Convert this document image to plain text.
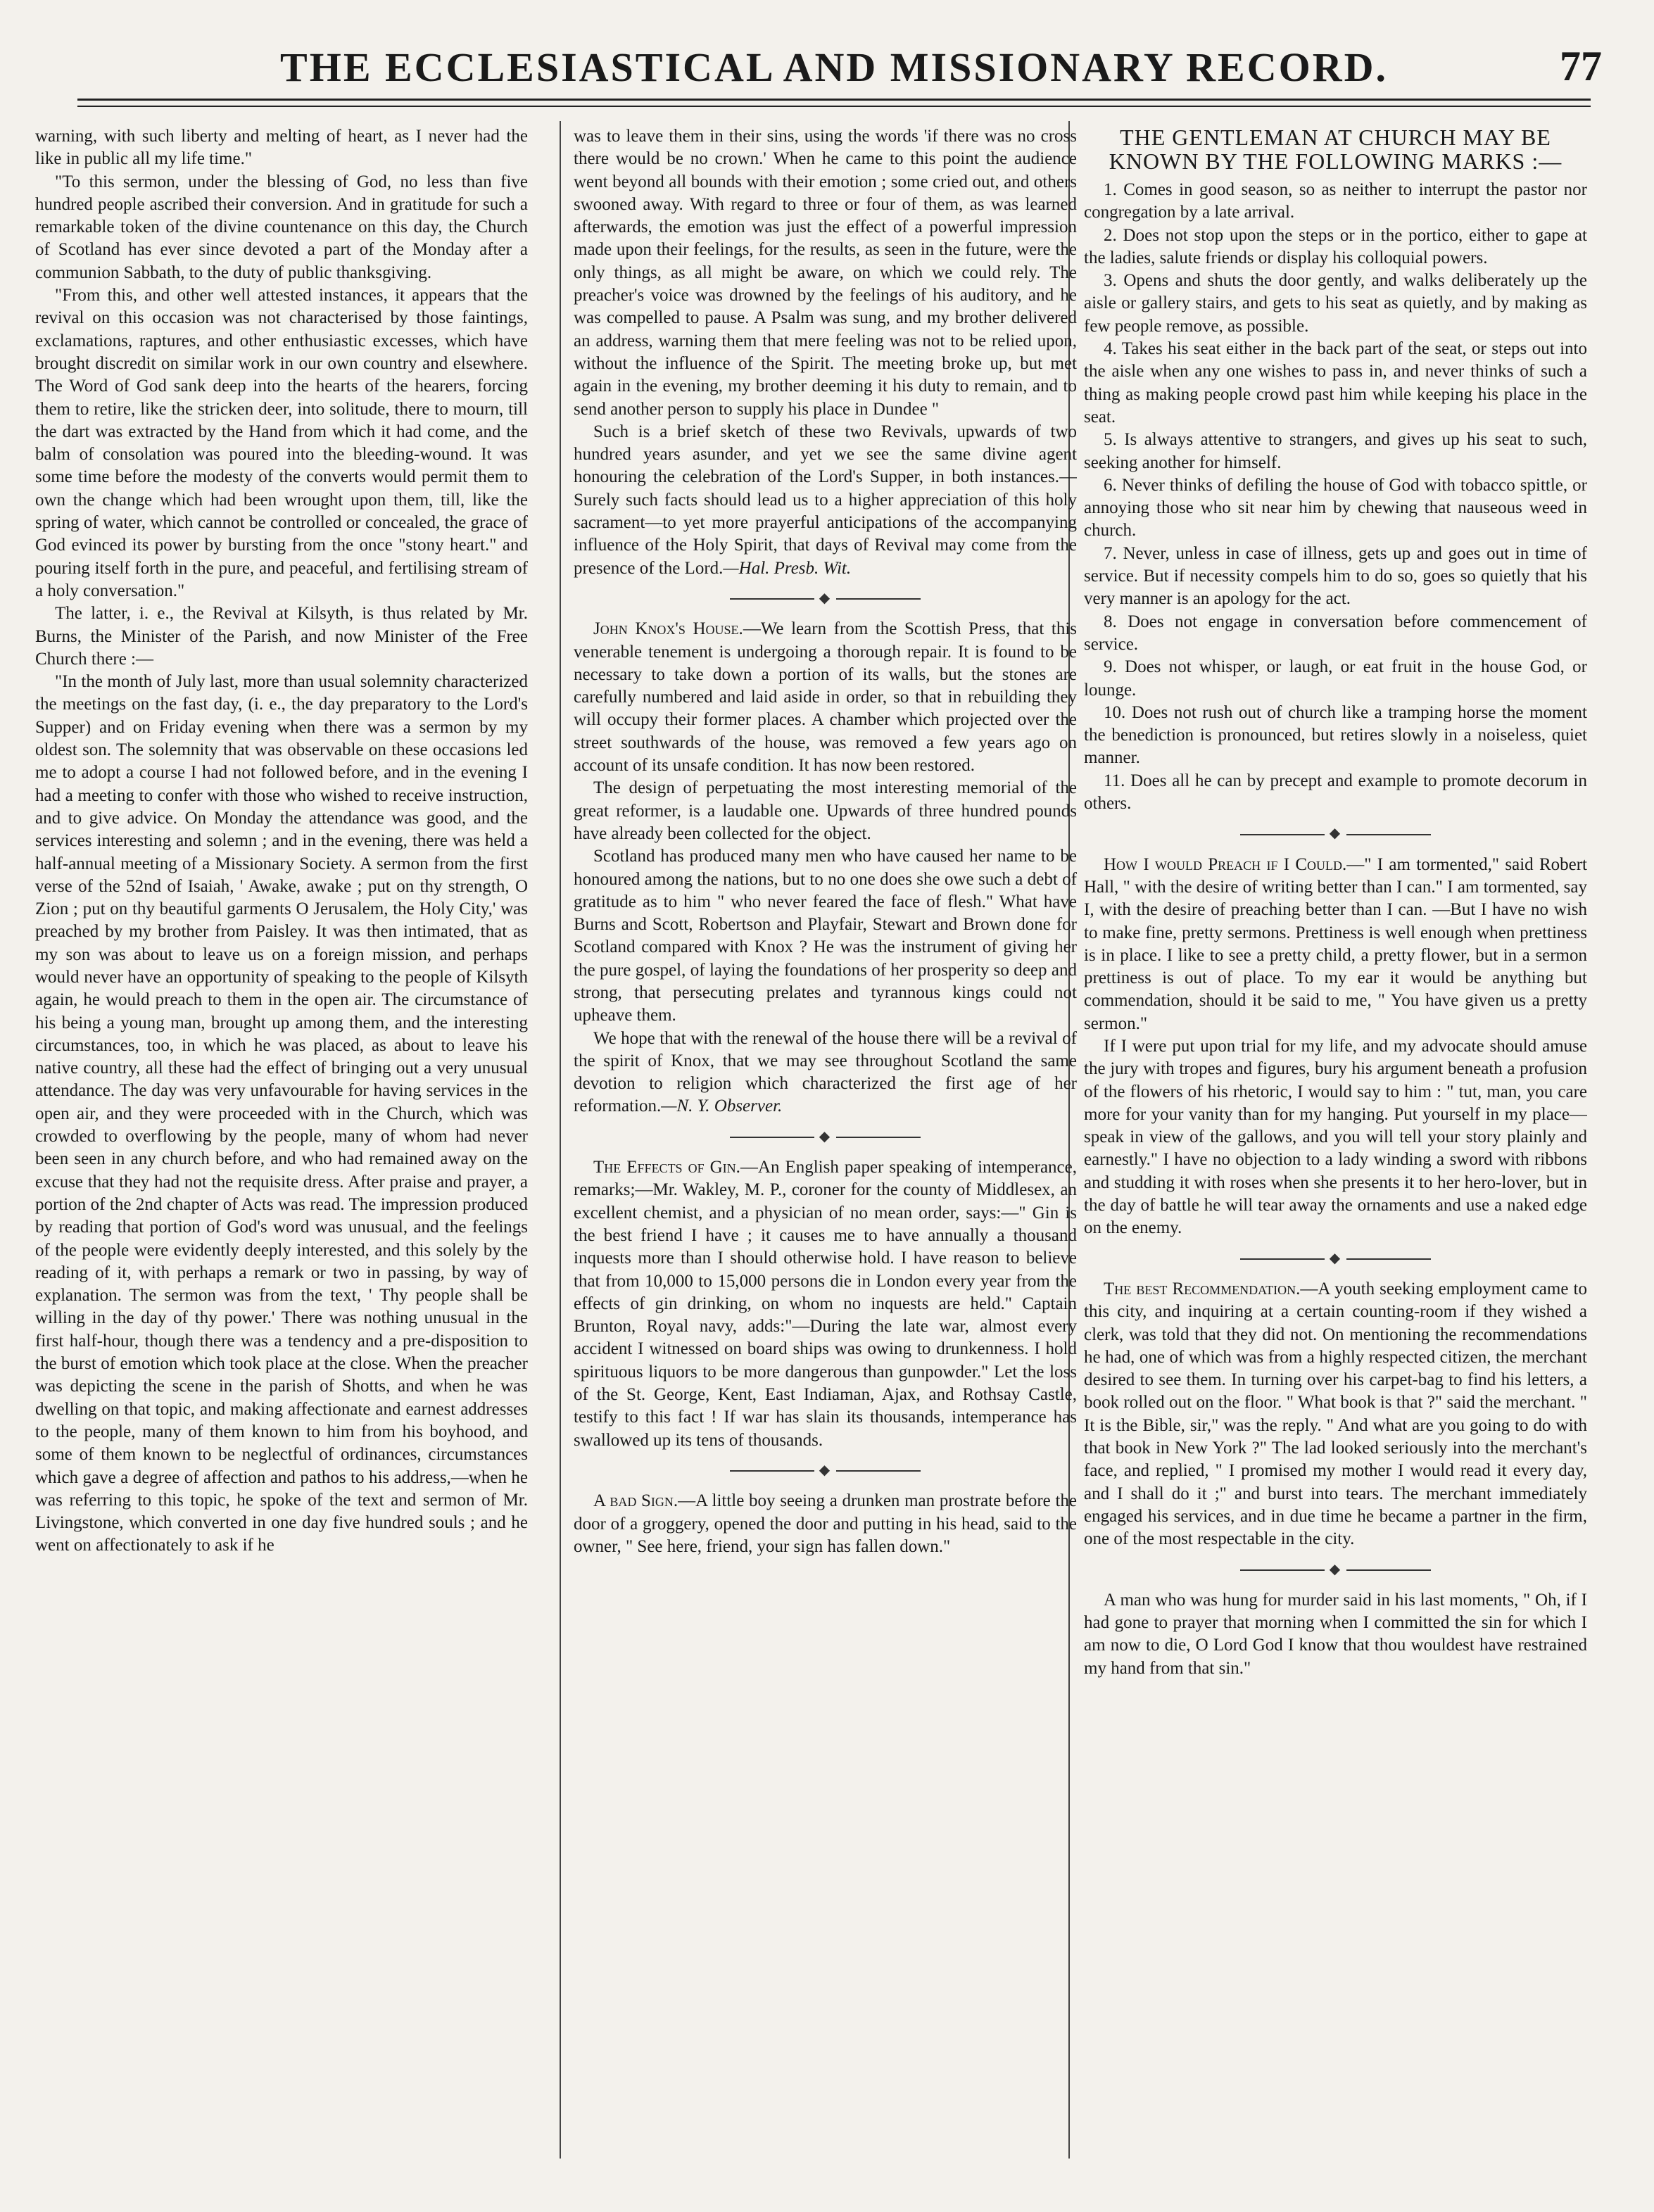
THE ECCLESIASTICAL AND MISSIONARY RECORD.	77

warning, with such liberty and melting of heart, as I never had the like in public all my life time."

"To this sermon, under the blessing of God, no less than five hundred people ascribed their conversion. And in gratitude for such a remarkable token of the divine countenance on this day, the Church of Scotland has ever since devoted a part of the Monday after a communion Sabbath, to the duty of public thanksgiving.

"From this, and other well attested instances, it appears that the revival on this occasion was not characterised by those faintings, exclamations, raptures, and other enthusiastic excesses, which have brought discredit on similar work in our own country and elsewhere. The Word of God sank deep into the hearts of the hearers, forcing them to retire, like the stricken deer, into solitude, there to mourn, till the dart was extracted by the Hand from which it had come, and the balm of consolation was poured into the bleeding-wound. It was some time before the modesty of the converts would permit them to own the change which had been wrought upon them, till, like the spring of water, which cannot be controlled or concealed, the grace of God evinced its power by bursting from the once "stony heart." and pouring itself forth in the pure, and peaceful, and fertilising stream of a holy conversation."

The latter, i. e., the Revival at Kilsyth, is thus related by Mr. Burns, the Minister of the Parish, and now Minister of the Free Church there :—

"In the month of July last, more than usual solemnity characterized the meetings on the fast day, (i. e., the day preparatory to the Lord's Supper) and on Friday evening when there was a sermon by my oldest son. The solemnity that was observable on these occasions led me to adopt a course I had not followed before, and in the evening I had a meeting to confer with those who wished to receive instruction, and to give advice. On Monday the attendance was good, and the services interesting and solemn ; and in the evening, there was held a half-annual meeting of a Missionary Society. A sermon from the first verse of the 52nd of Isaiah, ' Awake, awake ; put on thy strength, O Zion ; put on thy beautiful garments O Jerusalem, the Holy City,' was preached by my brother from Paisley. It was then intimated, that as my son was about to leave us on a foreign mission, and perhaps would never have an opportunity of speaking to the people of Kilsyth again, he would preach to them in the open air. The circumstance of his being a young man, brought up among them, and the interesting circumstances, too, in which he was placed, as about to leave his native country, all these had the effect of bringing out a very unusual attendance. The day was very unfavourable for having services in the open air, and they were proceeded with in the Church, which was crowded to overflowing by the people, many of whom had never been seen in any church before, and who had remained away on the excuse that they had not the requisite dress. After praise and prayer, a portion of the 2nd chapter of Acts was read. The impression produced by reading that portion of God's word was unusual, and the feelings of the people were evidently deeply interested, and this solely by the reading of it, with perhaps a remark or two in passing, by way of explanation. The sermon was from the text, ' Thy people shall be willing in the day of thy power.' There was nothing unusual in the first half-hour, though there was a tendency and a pre-disposition to the burst of emotion which took place at the close. When the preacher was depicting the scene in the parish of Shotts, and when he was dwelling on that topic, and making affectionate and earnest addresses to the people, many of them known to him from his boyhood, and some of them known to be neglectful of ordinances, circumstances which gave a degree of affection and pathos to his address,—when he was referring to this topic, he spoke of the text and sermon of Mr. Livingstone, which converted in one day five hundred souls ; and he went on affectionately to ask if he

was to leave them in their sins, using the words 'if there was no cross there would be no crown.' When he came to this point the audience went beyond all bounds with their emotion ; some cried out, and others swooned away. With regard to three or four of them, as was learned afterwards, the emotion was just the effect of a powerful impression made upon their feelings, for the results, as seen in the future, were the only things, as all might be aware, on which we could rely. The preacher's voice was drowned by the feelings of his auditory, and he was compelled to pause. A Psalm was sung, and my brother delivered an address, warning them that mere feeling was not to be relied upon, without the influence of the Spirit. The meeting broke up, but met again in the evening, my brother deeming it his duty to remain, and to send another person to supply his place in Dundee "

Such is a brief sketch of these two Revivals, upwards of two hundred years asunder, and yet we see the same divine agent honouring the celebration of the Lord's Supper, in both instances.— Surely such facts should lead us to a higher appreciation of this holy sacrament—to yet more prayerful anticipations of the accompanying influence of the Holy Spirit, that days of Revival may come from the presence of the Lord.—Hal. Presb. Wit.

◆

John Knox's House.—We learn from the Scottish Press, that this venerable tenement is undergoing a thorough repair. It is found to be necessary to take down a portion of its walls, but the stones are carefully numbered and laid aside in order, so that in rebuilding they will occupy their former places. A chamber which projected over the street southwards of the house, was removed a few years ago on account of its unsafe condition. It has now been restored.

The design of perpetuating the most interesting memorial of the great reformer, is a laudable one. Upwards of three hundred pounds have already been collected for the object.

Scotland has produced many men who have caused her name to be honoured among the nations, but to no one does she owe such a debt of gratitude as to him " who never feared the face of flesh." What have Burns and Scott, Robertson and Playfair, Stewart and Brown done for Scotland compared with Knox ? He was the instrument of giving her the pure gospel, of laying the foundations of her prosperity so deep and strong, that persecuting prelates and tyrannous kings could not upheave them.

We hope that with the renewal of the house there will be a revival of the spirit of Knox, that we may see throughout Scotland the same devotion to religion which characterized the first age of her reformation.—N. Y. Observer.

◆

The Effects of Gin.—An English paper speaking of intemperance, remarks;—Mr. Wakley, M. P., coroner for the county of Middlesex, an excellent chemist, and a physician of no mean order, says:—" Gin is the best friend I have ; it causes me to have annually a thousand inquests more than I should otherwise hold. I have reason to believe that from 10,000 to 15,000 persons die in London every year from the effects of gin drinking, on whom no inquests are held." Captain Brunton, Royal navy, adds:"—During the late war, almost every accident I witnessed on board ships was owing to drunkenness. I hold spirituous liquors to be more dangerous than gunpowder." Let the loss of the St. George, Kent, East Indiaman, Ajax, and Rothsay Castle, testify to this fact ! If war has slain its thousands, intemperance has swallowed up its tens of thousands.

◆

A bad Sign.—A little boy seeing a drunken man prostrate before the door of a groggery, opened the door and putting in his head, said to the owner, " See here, friend, your sign has fallen down."

THE GENTLEMAN AT CHURCH MAY BE KNOWN BY THE FOLLOWING MARKS :—

1. Comes in good season, so as neither to interrupt the pastor nor congregation by a late arrival.

2. Does not stop upon the steps or in the portico, either to gape at the ladies, salute friends or display his colloquial powers.

3. Opens and shuts the door gently, and walks deliberately up the aisle or gallery stairs, and gets to his seat as quietly, and by making as few people remove, as possible.

4. Takes his seat either in the back part of the seat, or steps out into the aisle when any one wishes to pass in, and never thinks of such a thing as making people crowd past him while keeping his place in the seat.

5. Is always attentive to strangers, and gives up his seat to such, seeking another for himself.

6. Never thinks of defiling the house of God with tobacco spittle, or annoying those who sit near him by chewing that nauseous weed in church.

7. Never, unless in case of illness, gets up and goes out in time of service. But if necessity compels him to do so, goes so quietly that his very manner is an apology for the act.

8. Does not engage in conversation before commencement of service.

9. Does not whisper, or laugh, or eat fruit in the house God, or lounge.

10. Does not rush out of church like a tramping horse the moment the benediction is pronounced, but retires slowly in a noiseless, quiet manner.

11. Does all he can by precept and example to promote decorum in others.

◆

How I would Preach if I Could.—" I am tormented," said Robert Hall, " with the desire of writing better than I can." I am tormented, say I, with the desire of preaching better than I can. —But I have no wish to make fine, pretty sermons. Prettiness is well enough when prettiness is in place. I like to see a pretty child, a pretty flower, but in a sermon prettiness is out of place. To my ear it would be anything but commendation, should it be said to me, " You have given us a pretty sermon."

If I were put upon trial for my life, and my advocate should amuse the jury with tropes and figures, bury his argument beneath a profusion of the flowers of his rhetoric, I would say to him : " tut, man, you care more for your vanity than for my hanging. Put yourself in my place—speak in view of the gallows, and you will tell your story plainly and earnestly." I have no objection to a lady winding a sword with ribbons and studding it with roses when she presents it to her hero-lover, but in the day of battle he will tear away the ornaments and use a naked edge on the enemy.

◆

The best Recommendation.—A youth seeking employment came to this city, and inquiring at a certain counting-room if they wished a clerk, was told that they did not. On mentioning the recommendations he had, one of which was from a highly respected citizen, the merchant desired to see them. In turning over his carpet-bag to find his letters, a book rolled out on the floor. " What book is that ?" said the merchant. " It is the Bible, sir," was the reply. " And what are you going to do with that book in New York ?" The lad looked seriously into the merchant's face, and replied, " I promised my mother I would read it every day, and I shall do it ;" and burst into tears. The merchant immediately engaged his services, and in due time he became a partner in the firm, one of the most respectable in the city.

◆

A man who was hung for murder said in his last moments, " Oh, if I had gone to prayer that morning when I committed the sin for which I am now to die, O Lord God I know that thou wouldest have restrained my hand from that sin."
